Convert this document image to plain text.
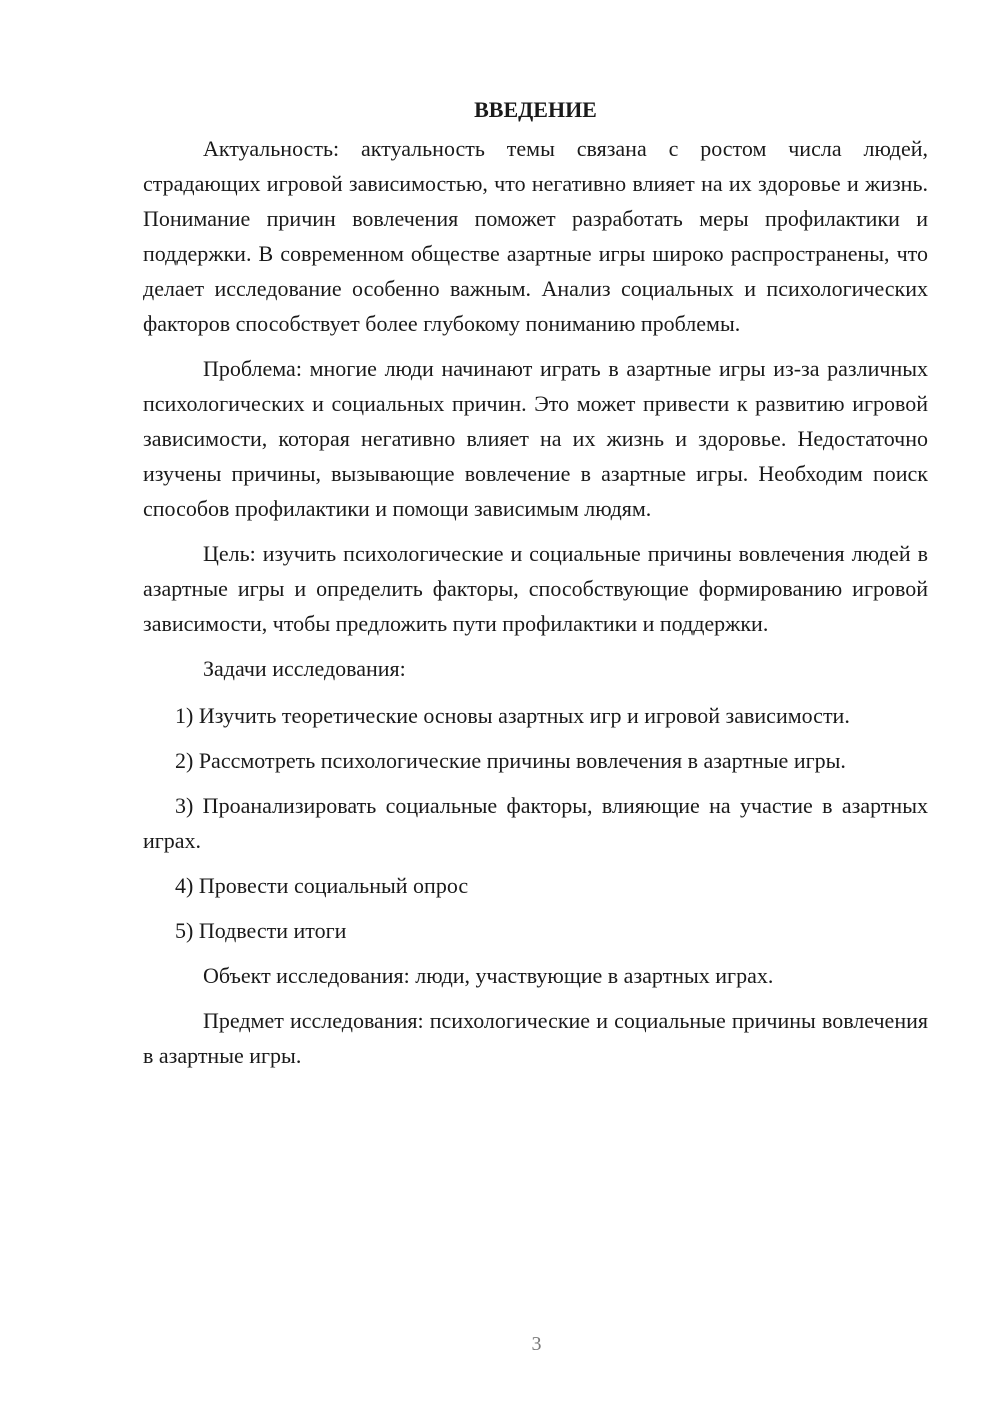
ВВЕДЕНИЕ

Актуальность: актуальность темы связана с ростом числа людей, страдающих игровой зависимостью, что негативно влияет на их здоровье и жизнь. Понимание причин вовлечения поможет разработать меры профилактики и поддержки. В современном обществе азартные игры широко распространены, что делает исследование особенно важным. Анализ социальных и психологических факторов способствует более глубокому пониманию проблемы.

Проблема: многие люди начинают играть в азартные игры из-за различных психологических и социальных причин. Это может привести к развитию игровой зависимости, которая негативно влияет на их жизнь и здоровье. Недостаточно изучены причины, вызывающие вовлечение в азартные игры. Необходим поиск способов профилактики и помощи зависимым людям.

Цель: изучить психологические и социальные причины вовлечения людей в азартные игры и определить факторы, способствующие формированию игровой зависимости, чтобы предложить пути профилактики и поддержки.

Задачи исследования:

1) Изучить теоретические основы азартных игр и игровой зависимости.

2) Рассмотреть психологические причины вовлечения в азартные игры.

3) Проанализировать социальные факторы, влияющие на участие в азартных играх.

4) Провести социальный опрос

5) Подвести итоги

Объект исследования: люди, участвующие в азартных играх.

Предмет исследования: психологические и социальные причины вовлечения в азартные игры.

3
